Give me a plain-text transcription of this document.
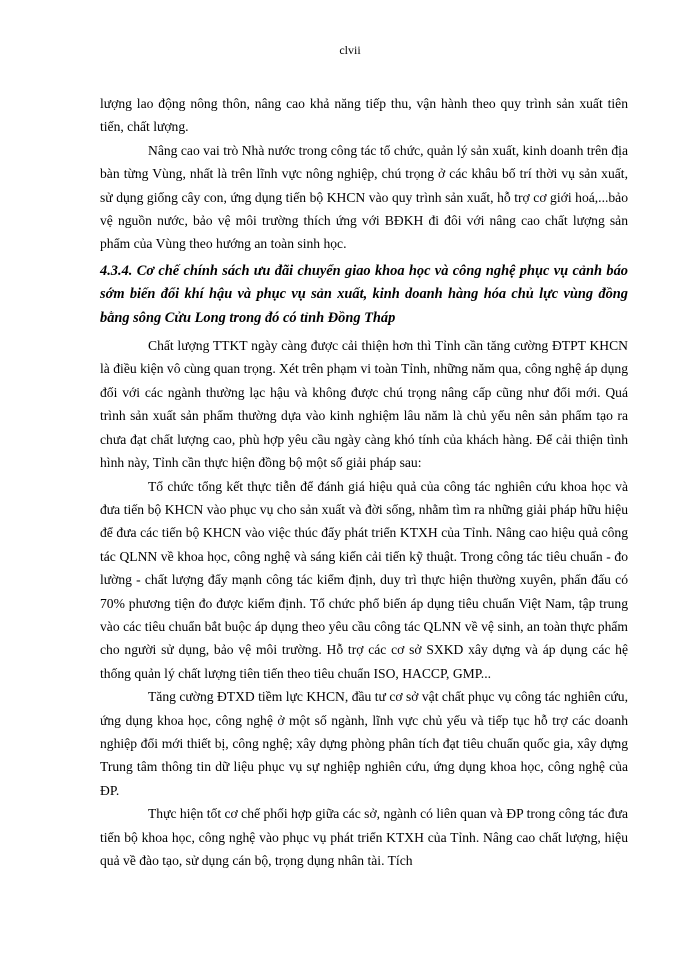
clvii

lượng lao động nông thôn, nâng cao khả năng tiếp thu, vận hành theo quy trình sản xuất tiên tiến, chất lượng.

Nâng cao vai trò Nhà nước trong công tác tổ chức, quản lý sản xuất, kinh doanh trên địa bàn từng Vùng, nhất là trên lĩnh vực nông nghiệp, chú trọng ở các khâu bố trí thời vụ sản xuất, sử dụng giống cây con, ứng dụng tiến bộ KHCN vào quy trình sản xuất, hỗ trợ cơ giới hoá,...bảo vệ nguồn nước, bảo vệ môi trường thích ứng với BĐKH đi đôi với nâng cao chất lượng sản phẩm của Vùng theo hướng an toàn sinh học.

4.3.4. Cơ chế chính sách ưu đãi chuyển giao khoa học và công nghệ phục vụ cảnh báo sớm biến đổi khí hậu và phục vụ sản xuất, kinh doanh hàng hóa chủ lực vùng đồng bằng sông Cửu Long trong đó có tỉnh Đồng Tháp

Chất lượng TTKT ngày càng được cải thiện hơn thì Tỉnh cần tăng cường ĐTPT KHCN là điều kiện vô cùng quan trọng. Xét trên phạm vi toàn Tỉnh, những năm qua, công nghệ áp dụng đối với các ngành thường lạc hậu và không được chú trọng nâng cấp cũng như đổi mới. Quá trình sản xuất sản phẩm thường dựa vào kinh nghiệm lâu năm là chủ yếu nên sản phẩm tạo ra chưa đạt chất lượng cao, phù hợp yêu cầu ngày càng khó tính của khách hàng. Để cải thiện tình hình này, Tỉnh cần thực hiện đồng bộ một số giải pháp sau:

Tổ chức tổng kết thực tiễn để đánh giá hiệu quả của công tác nghiên cứu khoa học và đưa tiến bộ KHCN vào phục vụ cho sản xuất và đời sống, nhằm tìm ra những giải pháp hữu hiệu để đưa các tiến bộ KHCN vào việc thúc đẩy phát triển KTXH của Tỉnh. Nâng cao hiệu quả công tác QLNN về khoa học, công nghệ và sáng kiến cải tiến kỹ thuật. Trong công tác tiêu chuẩn - đo lường - chất lượng đẩy mạnh công tác kiểm định, duy trì thực hiện thường xuyên, phấn đấu có 70% phương tiện đo được kiểm định. Tổ chức phổ biến áp dụng tiêu chuẩn Việt Nam, tập trung vào các tiêu chuẩn bắt buộc áp dụng theo yêu cầu công tác QLNN về vệ sinh, an toàn thực phẩm cho người sử dụng, bảo vệ môi trường. Hỗ trợ các cơ sở SXKD xây dựng và áp dụng các hệ thống quản lý chất lượng tiên tiến theo tiêu chuẩn ISO, HACCP, GMP...

Tăng cường ĐTXD tiềm lực KHCN, đầu tư cơ sở vật chất phục vụ công tác nghiên cứu, ứng dụng khoa học, công nghệ ở một số ngành, lĩnh vực chủ yếu và tiếp tục hỗ trợ các doanh nghiệp đổi mới thiết bị, công nghệ; xây dựng phòng phân tích đạt tiêu chuẩn quốc gia, xây dựng Trung tâm thông tin dữ liệu phục vụ sự nghiệp nghiên cứu, ứng dụng khoa học, công nghệ của ĐP.

Thực hiện tốt cơ chế phối hợp giữa các sở, ngành có liên quan và ĐP trong công tác đưa tiến bộ khoa học, công nghệ vào phục vụ phát triển KTXH của Tỉnh. Nâng cao chất lượng, hiệu quả về đào tạo, sử dụng cán bộ, trọng dụng nhân tài. Tích
